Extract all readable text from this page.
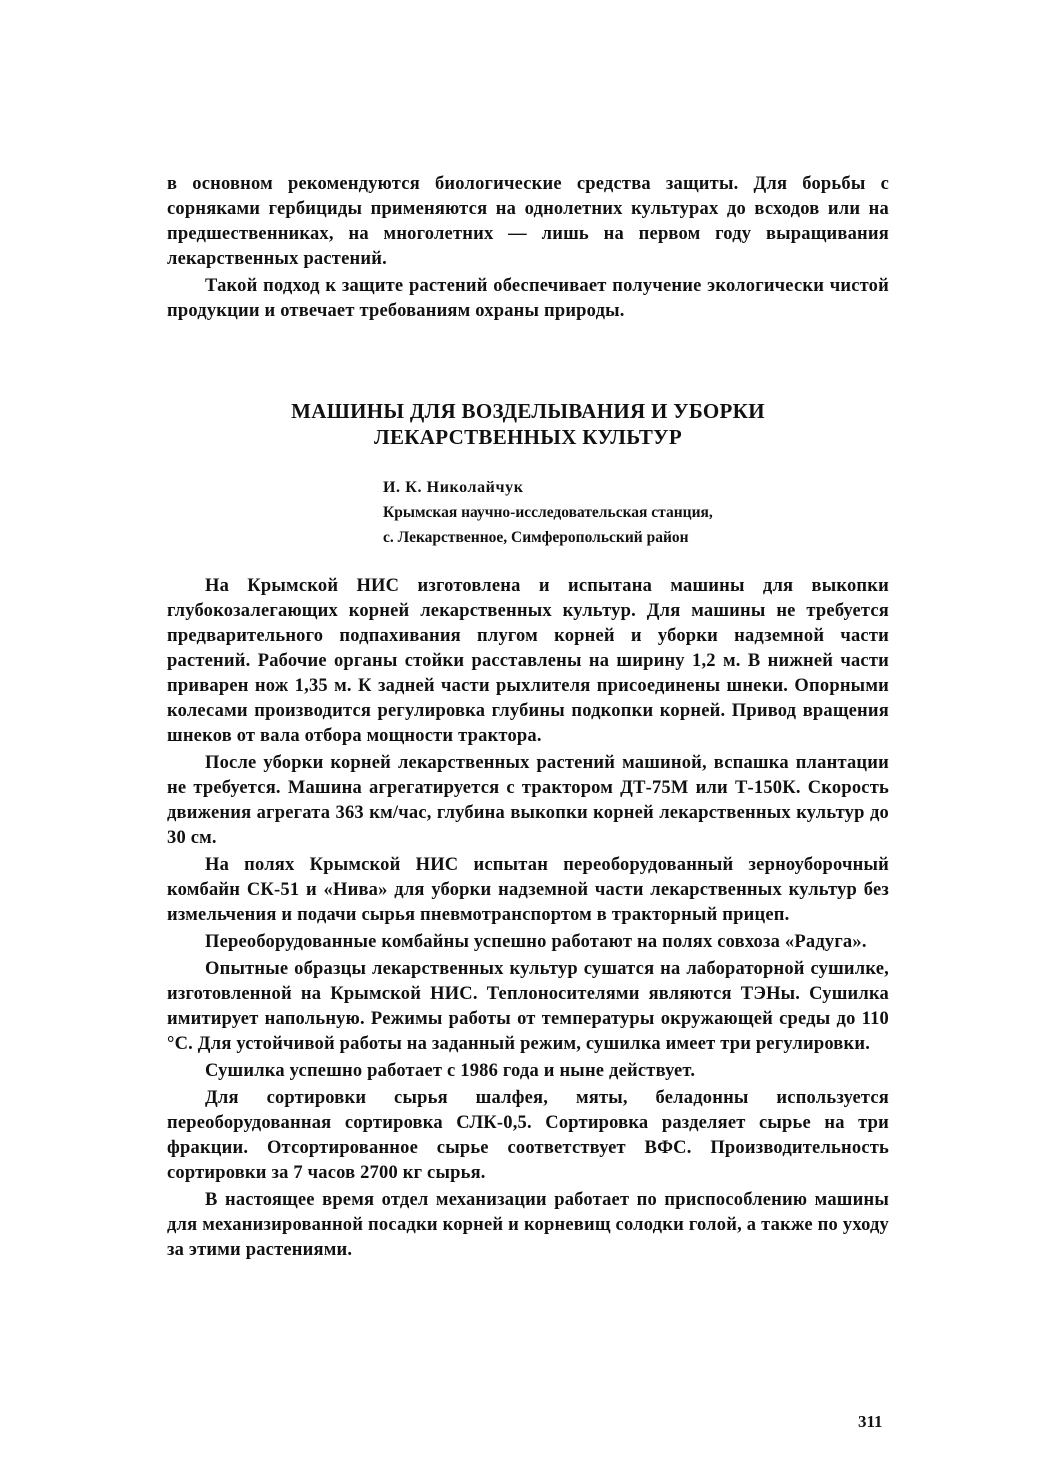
в основном рекомендуются биологические средства защиты. Для борьбы с сорняками гербициды применяются на однолетних культурах до всходов или на предшественниках, на многолетних — лишь на первом году выращивания лекарственных растений.

Такой подход к защите растений обеспечивает получение экологически чистой продукции и отвечает требованиям охраны природы.

МАШИНЫ ДЛЯ ВОЗДЕЛЫВАНИЯ И УБОРКИ
ЛЕКАРСТВЕННЫХ КУЛЬТУР
И. К. Николайчук
Крымская научно-исследовательская станция,
с. Лекарственное, Симферопольский район

На Крымской НИС изготовлена и испытана машины для выкопки глубокозалегающих корней лекарственных культур. Для машины не требуется предварительного подпахивания плугом корней и уборки надземной части растений. Рабочие органы стойки расставлены на ширину 1,2 м. В нижней части приварен нож 1,35 м. К задней части рыхлителя присоединены шнеки. Опорными колесами производится регулировка глубины подкопки корней. Привод вращения шнеков от вала отбора мощности трактора.

После уборки корней лекарственных растений машиной, вспашка плантации не требуется. Машина агрегатируется с трактором ДТ-75М или Т-150К. Скорость движения агрегата 363 км/час, глубина выкопки корней лекарственных культур до 30 см.

На полях Крымской НИС испытан переоборудованный зерноуборочный комбайн СК-51 и «Нива» для уборки надземной части лекарственных культур без измельчения и подачи сырья пневмотранспортом в тракторный прицеп.

Переоборудованные комбайны успешно работают на полях совхоза «Радуга».

Опытные образцы лекарственных культур сушатся на лабораторной сушилке, изготовленной на Крымской НИС. Теплоносителями являются ТЭНы. Сушилка имитирует напольную. Режимы работы от температуры окружающей среды до 110 °С. Для устойчивой работы на заданный режим, сушилка имеет три регулировки.

Сушилка успешно работает с 1986 года и ныне действует.

Для сортировки сырья шалфея, мяты, беладонны используется переоборудованная сортировка СЛК-0,5. Сортировка разделяет сырье на три фракции. Отсортированное сырье соответствует ВФС. Производительность сортировки за 7 часов 2700 кг сырья.

В настоящее время отдел механизации работает по приспособлению машины для механизированной посадки корней и корневищ солодки голой, а также по уходу за этими растениями.

311
